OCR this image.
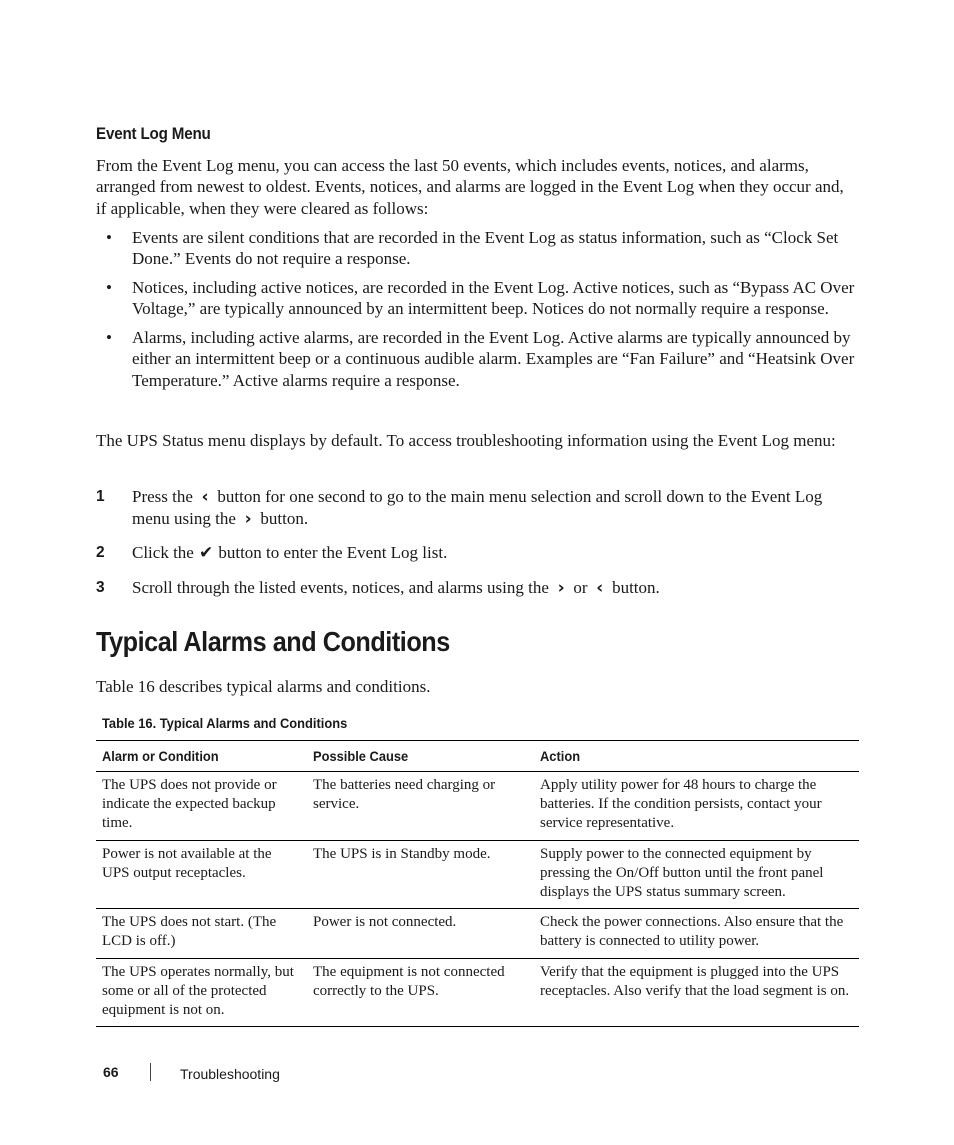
Event Log Menu
From the Event Log menu, you can access the last 50 events, which includes events, notices, and alarms, arranged from newest to oldest. Events, notices, and alarms are logged in the Event Log when they occur and, if applicable, when they were cleared as follows:
• Events are silent conditions that are recorded in the Event Log as status information, such as “Clock Set Done.” Events do not require a response.
• Notices, including active notices, are recorded in the Event Log. Active notices, such as “Bypass AC Over Voltage,” are typically announced by an intermittent beep. Notices do not normally require a response.
• Alarms, including active alarms, are recorded in the Event Log. Active alarms are typically announced by either an intermittent beep or a continuous audible alarm. Examples are “Fan Failure” and “Heatsink Over Temperature.” Active alarms require a response.
The UPS Status menu displays by default. To access troubleshooting information using the Event Log menu:
1 Press the ‹ button for one second to go to the main menu selection and scroll down to the Event Log menu using the › button.
2 Click the ✔ button to enter the Event Log list.
3 Scroll through the listed events, notices, and alarms using the › or ‹ button.
Typical Alarms and Conditions
Table 16 describes typical alarms and conditions.
Table 16. Typical Alarms and Conditions
Alarm or Condition	Possible Cause	Action
The UPS does not provide or indicate the expected backup time.	The batteries need charging or service.	Apply utility power for 48 hours to charge the batteries. If the condition persists, contact your service representative.
Power is not available at the UPS output receptacles.	The UPS is in Standby mode.	Supply power to the connected equipment by pressing the On/Off button until the front panel displays the UPS status summary screen.
The UPS does not start. (The LCD is off.)	Power is not connected.	Check the power connections. Also ensure that the battery is connected to utility power.
The UPS operates normally, but some or all of the protected equipment is not on.	The equipment is not connected correctly to the UPS.	Verify that the equipment is plugged into the UPS receptacles. Also verify that the load segment is on.
66	Troubleshooting
